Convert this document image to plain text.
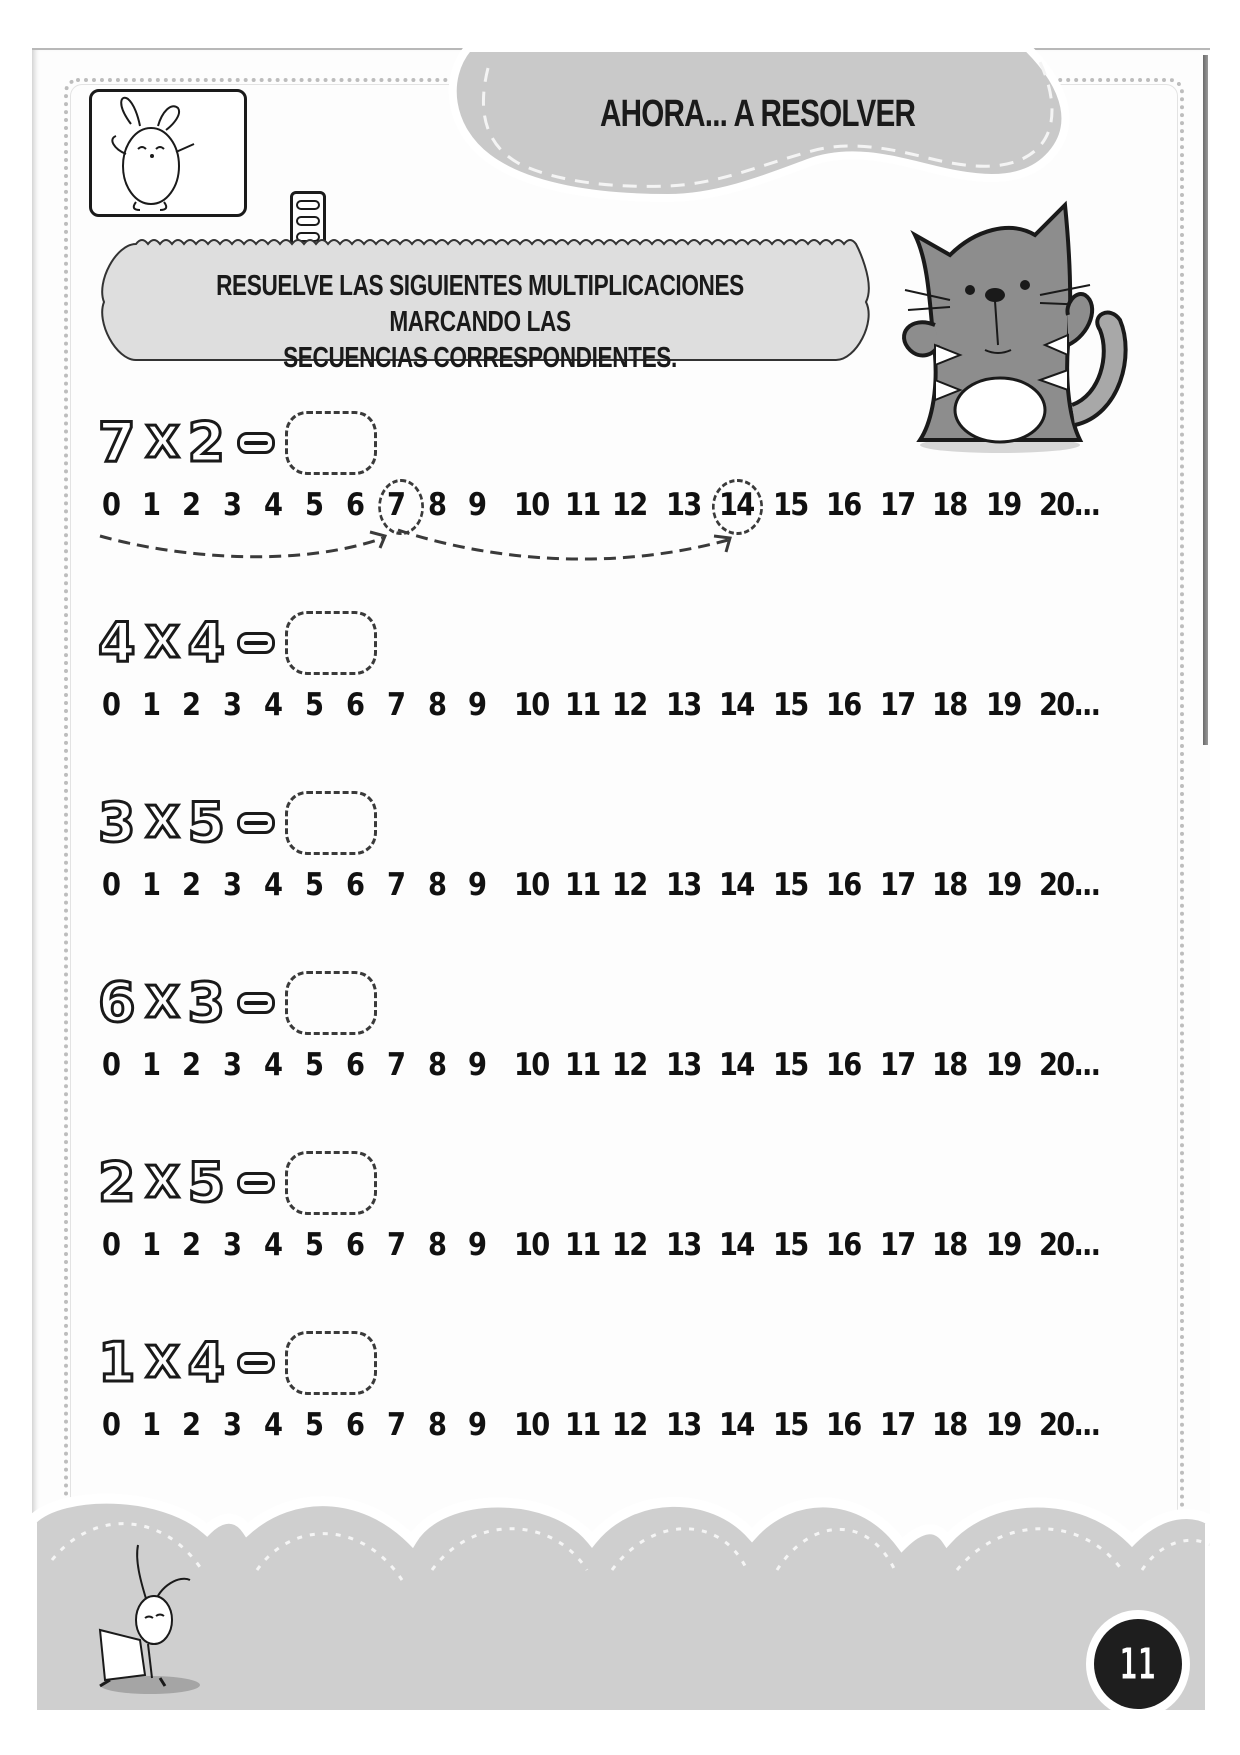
AHORA... A RESOLVER
RESUELVE LAS SIGUIENTES MULTIPLICACIONES MARCANDO LAS
SECUENCIAS CORRESPONDIENTES.
7 X 2
0 1 2 3 4 5 6 7 8 9 10 11 12 13 14 15 16 17 18 19 20...
4 X 4
0 1 2 3 4 5 6 7 8 9 10 11 12 13 14 15 16 17 18 19 20...
3 X 5
0 1 2 3 4 5 6 7 8 9 10 11 12 13 14 15 16 17 18 19 20...
6 X 3
0 1 2 3 4 5 6 7 8 9 10 11 12 13 14 15 16 17 18 19 20...
2 X 5
0 1 2 3 4 5 6 7 8 9 10 11 12 13 14 15 16 17 18 19 20...
1 X 4
0 1 2 3 4 5 6 7 8 9 10 11 12 13 14 15 16 17 18 19 20...
11
